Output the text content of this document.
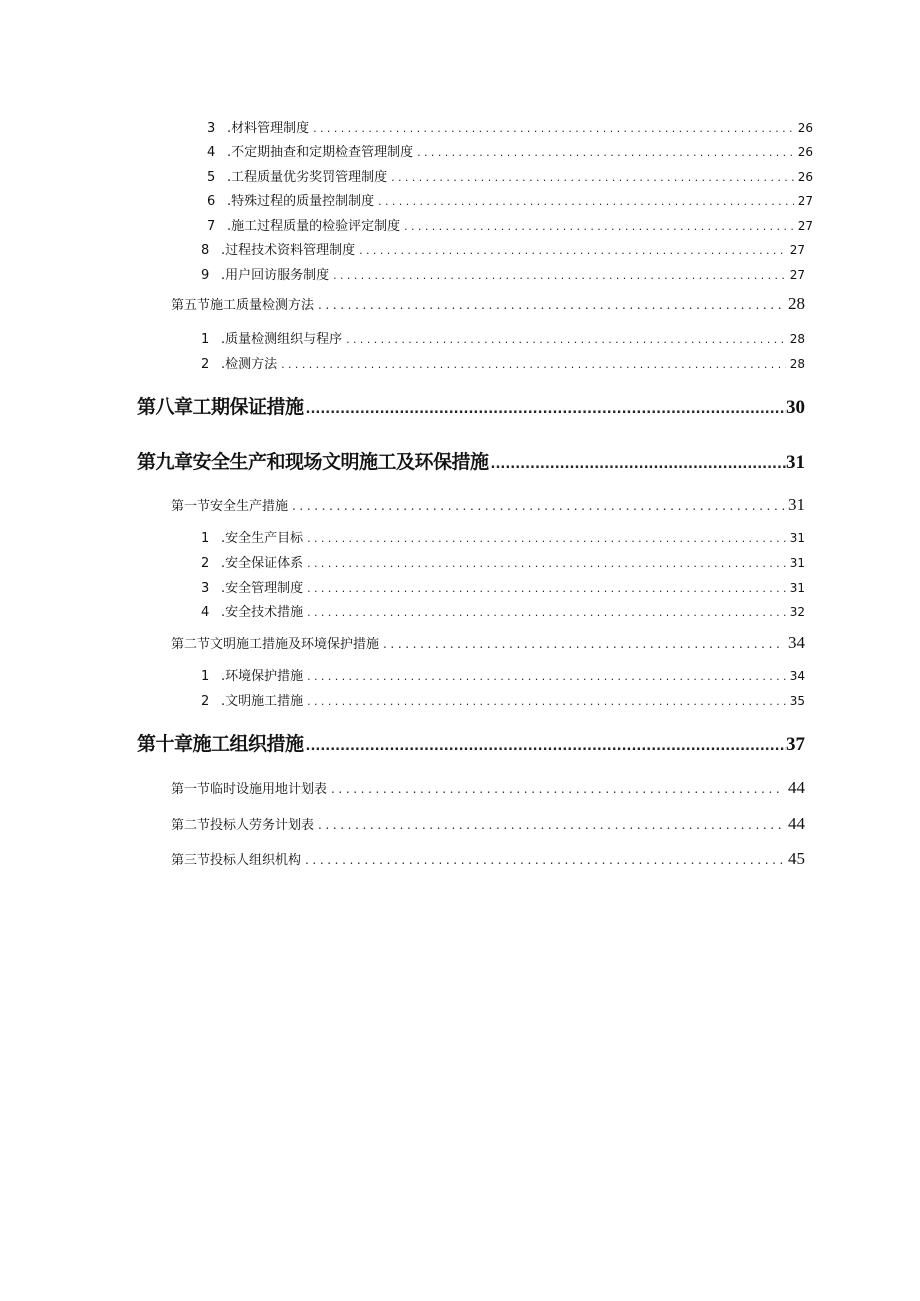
3 .材料管理制度 .....	26
4 .不定期抽查和定期检查管理制度 .....	26
5 .工程质量优劣奖罚管理制度 .....	26
6 .特殊过程的质量控制制度 .....	27
7 .施工过程质量的检验评定制度 .....	27
8 .过程技术资料管理制度 .....	27
9 .用户回访服务制度 .....	27
第五节施工质量检测方法 .....	28
1 .质量检测组织与程序 .....	28
2 .检测方法 .....	28
第八章工期保证措施 .....	30
第九章安全生产和现场文明施工及环保措施 .....	31
第一节安全生产措施 .....	31
1 .安全生产目标 .....	31
2 .安全保证体系 .....	31
3 .安全管理制度 .....	31
4 .安全技术措施 .....	32
第二节文明施工措施及环境保护措施 .....	34
1 .环境保护措施 .....	34
2 .文明施工措施 .....	35
第十章施工组织措施 .....	37
第一节临时设施用地计划表 .....	44
第二节投标人劳务计划表 .....	44
第三节投标人组织机构 .....	45
